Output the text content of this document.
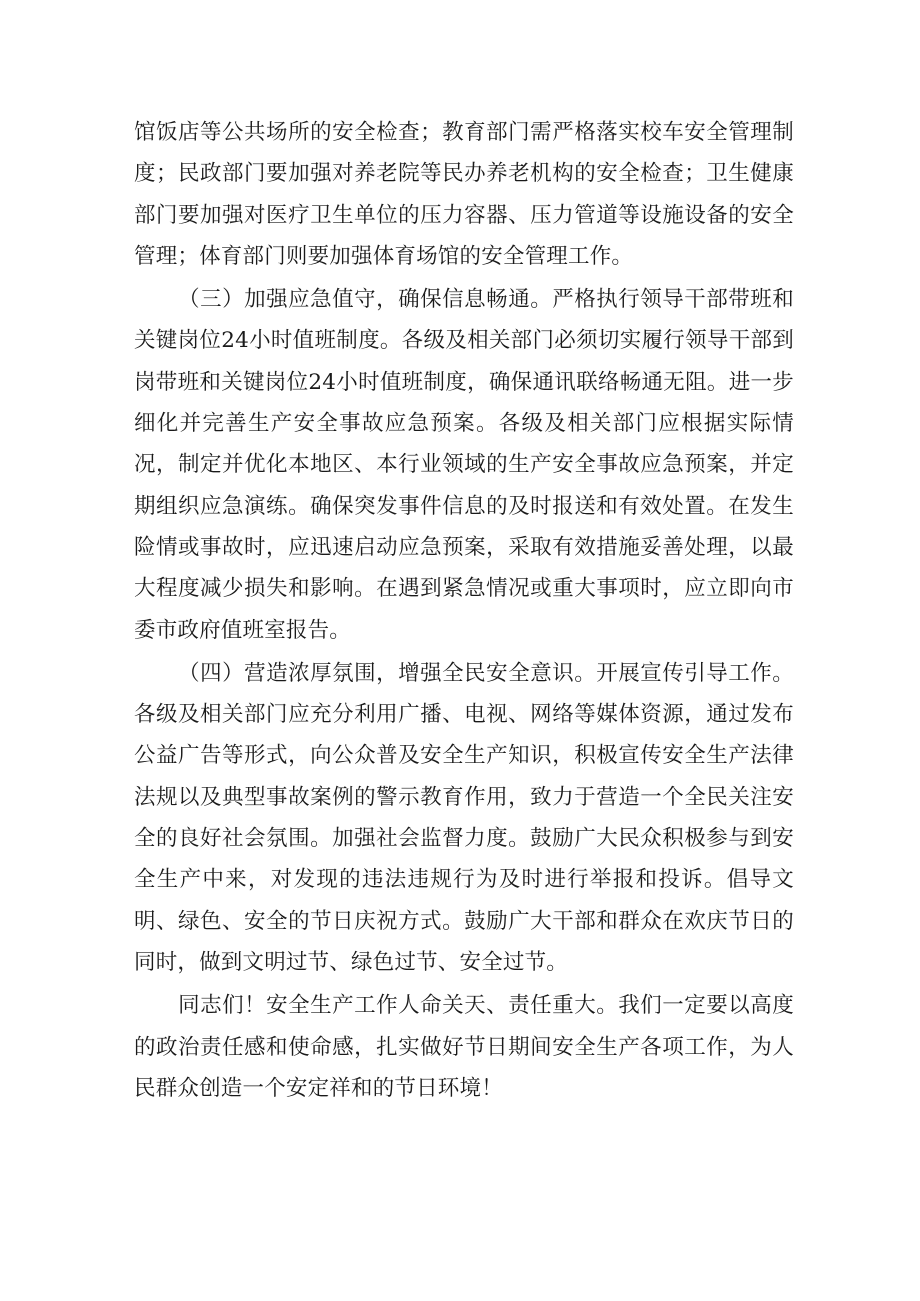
馆饭店等公共场所的安全检查；教育部门需严格落实校车安全管理制度；民政部门要加强对养老院等民办养老机构的安全检查；卫生健康部门要加强对医疗卫生单位的压力容器、压力管道等设施设备的安全管理；体育部门则要加强体育场馆的安全管理工作。

（三）加强应急值守，确保信息畅通。严格执行领导干部带班和关键岗位24小时值班制度。各级及相关部门必须切实履行领导干部到岗带班和关键岗位24小时值班制度，确保通讯联络畅通无阻。进一步细化并完善生产安全事故应急预案。各级及相关部门应根据实际情况，制定并优化本地区、本行业领域的生产安全事故应急预案，并定期组织应急演练。确保突发事件信息的及时报送和有效处置。在发生险情或事故时，应迅速启动应急预案，采取有效措施妥善处理，以最大程度减少损失和影响。在遇到紧急情况或重大事项时，应立即向市委市政府值班室报告。

（四）营造浓厚氛围，增强全民安全意识。开展宣传引导工作。各级及相关部门应充分利用广播、电视、网络等媒体资源，通过发布公益广告等形式，向公众普及安全生产知识，积极宣传安全生产法律法规以及典型事故案例的警示教育作用，致力于营造一个全民关注安全的良好社会氛围。加强社会监督力度。鼓励广大民众积极参与到安全生产中来，对发现的违法违规行为及时进行举报和投诉。倡导文明、绿色、安全的节日庆祝方式。鼓励广大干部和群众在欢庆节日的同时，做到文明过节、绿色过节、安全过节。

同志们！安全生产工作人命关天、责任重大。我们一定要以高度的政治责任感和使命感，扎实做好节日期间安全生产各项工作，为人民群众创造一个安定祥和的节日环境！
